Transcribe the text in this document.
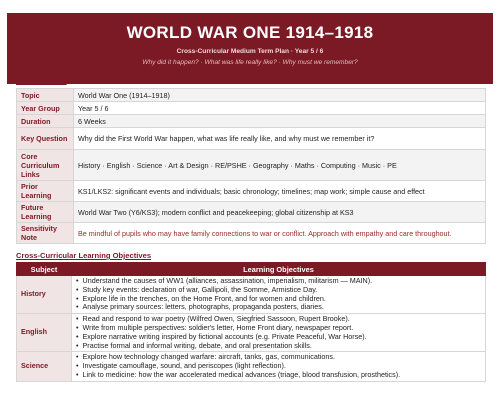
WORLD WAR ONE 1914–1918
Cross-Curricular Medium Term Plan · Year 5 / 6
Why did it happen? · What was life really like? · Why must we remember?
Unit Overview
Topic	World War One (1914–1918)
Year Group	Year 5 / 6
Duration	6 Weeks
Key Question	Why did the First World War happen, what was life really like, and why must we remember it?
Core Curriculum Links	History · English · Science · Art & Design · RE/PSHE · Geography · Maths · Computing · Music · PE
Prior Learning	KS1/LKS2: significant events and individuals; basic chronology; timelines; map work; simple cause and effect
Future Learning	World War Two (Y6/KS3); modern conflict and peacekeeping; global citizenship at KS3
Sensitivity Note	Be mindful of pupils who may have family connections to war or conflict. Approach with empathy and care throughout.
Cross-Curricular Learning Objectives
Subject	Learning Objectives
History	•  Understand the causes of WW1 (alliances, assassination, imperialism, militarism — MAIN).
•  Study key events: declaration of war, Gallipoli, the Somme, Armistice Day.
•  Explore life in the trenches, on the Home Front, and for women and children.
•  Analyse primary sources: letters, photographs, propaganda posters, diaries.

English	•  Read and respond to war poetry (Wilfred Owen, Siegfried Sassoon, Rupert Brooke).
•  Write from multiple perspectives: soldier's letter, Home Front diary, newspaper report.
•  Explore narrative writing inspired by fictional accounts (e.g. Private Peaceful, War Horse).
•  Practise formal and informal writing, debate, and oral presentation skills.

Science	•  Explore how technology changed warfare: aircraft, tanks, gas, communications.
•  Investigate camouflage, sound, and periscopes (light reflection).
•  Link to medicine: how the war accelerated medical advances (triage, blood transfusion, prosthetics).
